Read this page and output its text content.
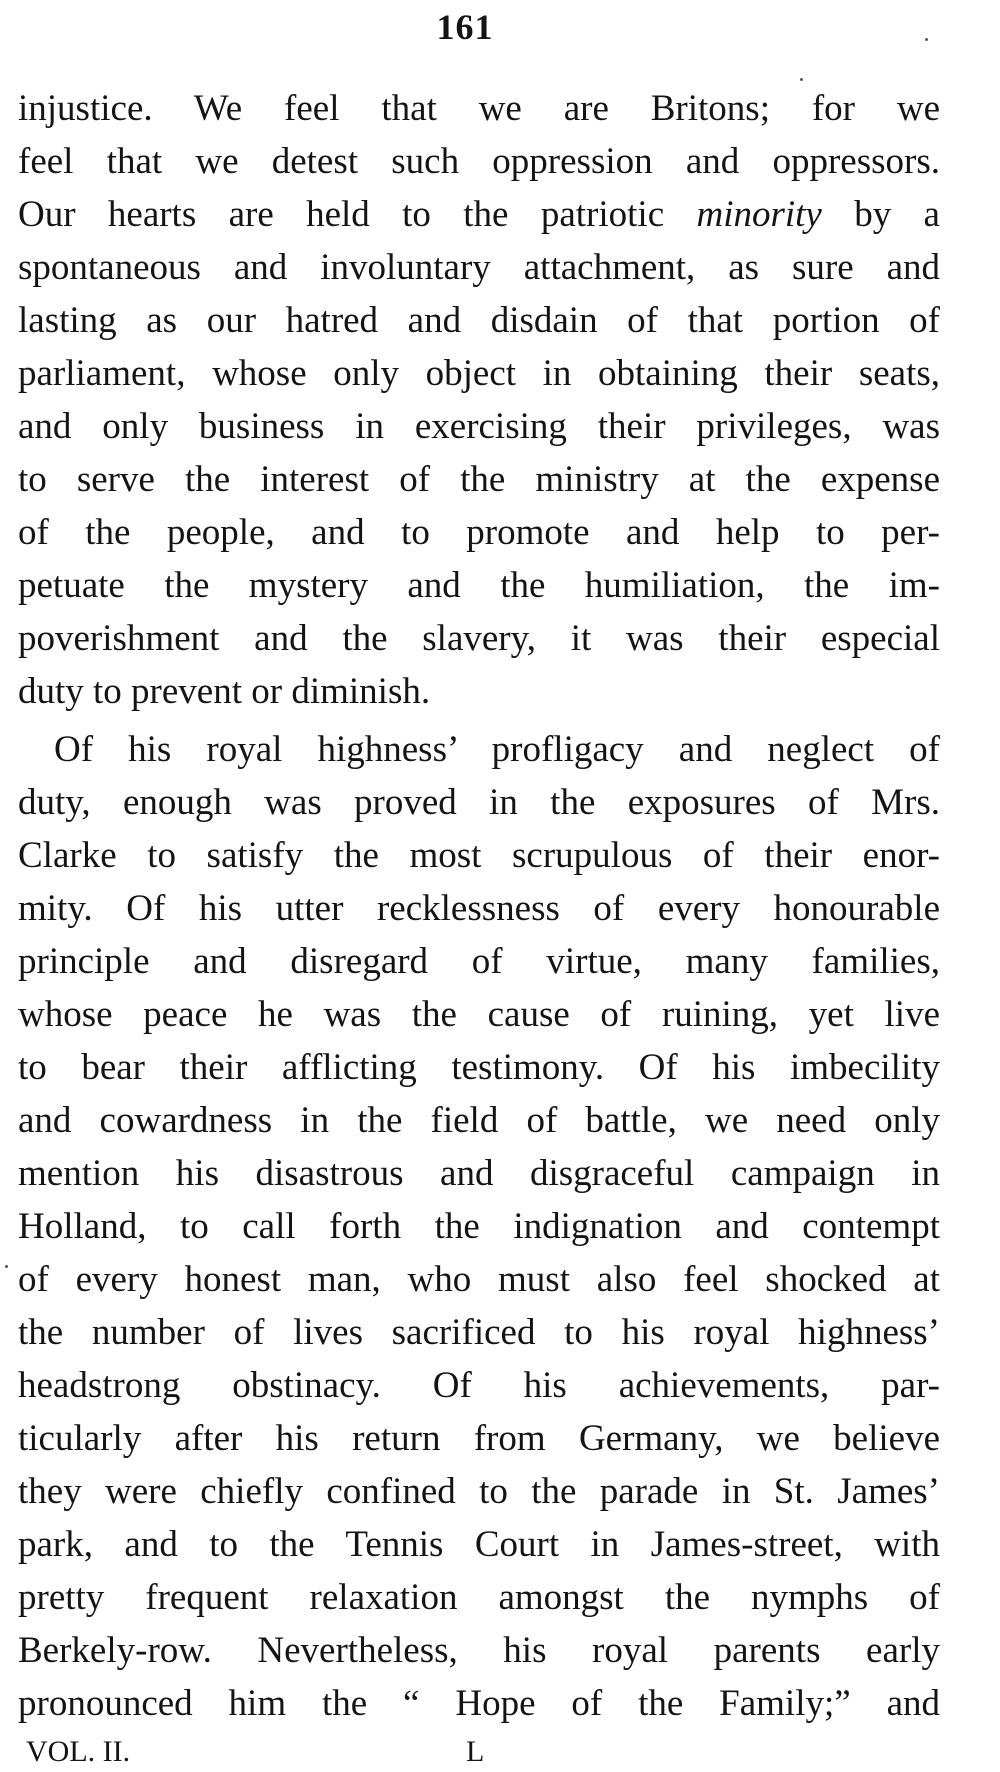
161
injustice. We feel that we are Britons; for we
feel that we detest such oppression and oppressors.
Our hearts are held to the patriotic minority by a
spontaneous and involuntary attachment, as sure and
lasting as our hatred and disdain of that portion of
parliament, whose only object in obtaining their seats,
and only business in exercising their privileges, was
to serve the interest of the ministry at the expense
of the people, and to promote and help to per-
petuate the mystery and the humiliation, the im-
poverishment and the slavery, it was their especial
duty to prevent or diminish.
Of his royal highness’ profligacy and neglect of
duty, enough was proved in the exposures of Mrs.
Clarke to satisfy the most scrupulous of their enor-
mity. Of his utter recklessness of every honourable
principle and disregard of virtue, many families,
whose peace he was the cause of ruining, yet live
to bear their afflicting testimony. Of his imbecility
and cowardness in the field of battle, we need only
mention his disastrous and disgraceful campaign in
Holland, to call forth the indignation and contempt
of every honest man, who must also feel shocked at
the number of lives sacrificed to his royal highness’
headstrong obstinacy. Of his achievements, par-
ticularly after his return from Germany, we believe
they were chiefly confined to the parade in St. James’
park, and to the Tennis Court in James-street, with
pretty frequent relaxation amongst the nymphs of
Berkely-row. Nevertheless, his royal parents early
pronounced him the “ Hope of the Family;” and
VOL. II.	L
